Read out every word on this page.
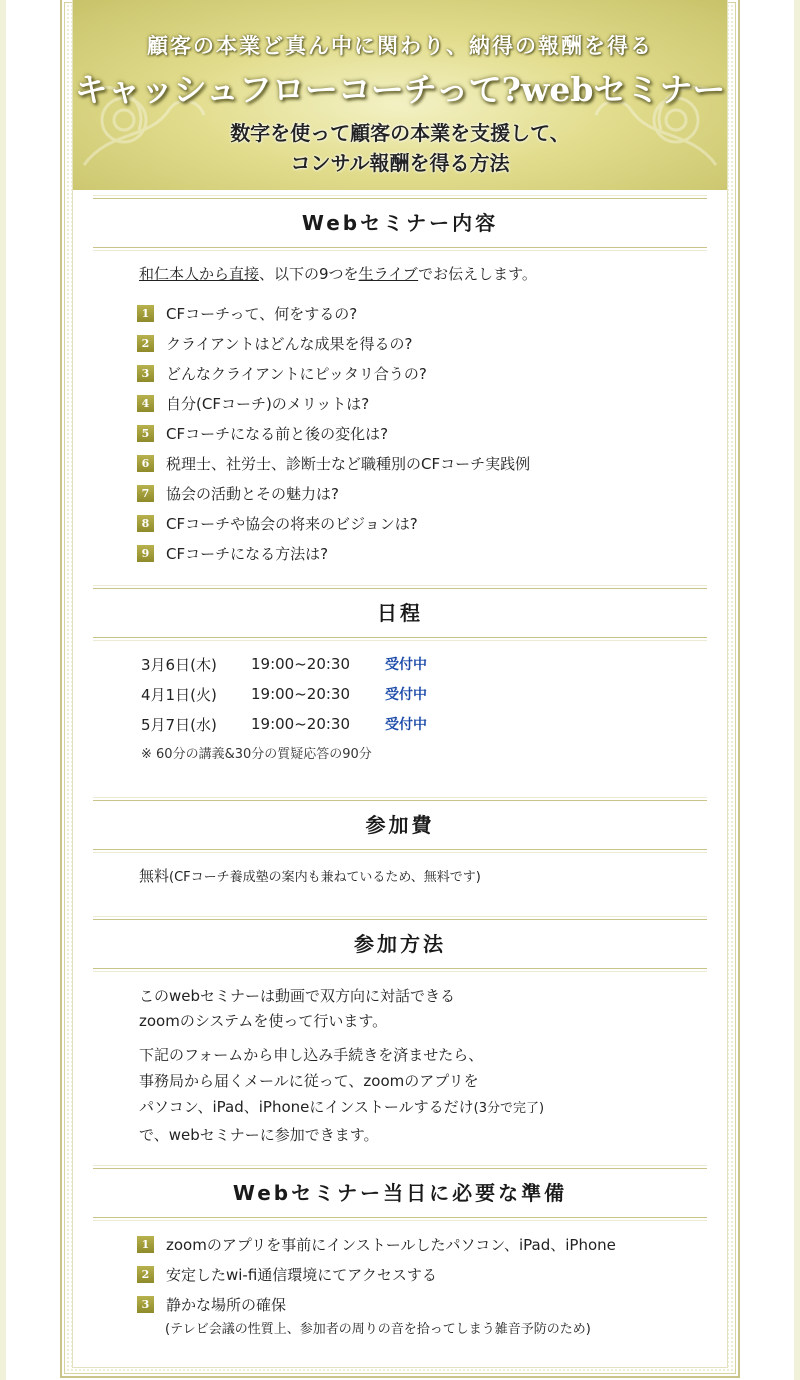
顧客の本業ど真ん中に関わり、納得の報酬を得る
キャッシュフローコーチって?webセミナー
数字を使って顧客の本業を支援して、
コンサル報酬を得る方法
Webセミナー内容
和仁本人から直接、以下の9つを生ライブでお伝えします。
1	CFコーチって、何をするの?
2	クライアントはどんな成果を得るの?
3	どんなクライアントにピッタリ合うの?
4	自分(CFコーチ)のメリットは?
5	CFコーチになる前と後の変化は?
6	税理士、社労士、診断士など職種別のCFコーチ実践例
7	協会の活動とその魅力は?
8	CFコーチや協会の将来のビジョンは?
9	CFコーチになる方法は?
日程
3月6日(木)	19:00~20:30	受付中
4月1日(火)	19:00~20:30	受付中
5月7日(水)	19:00~20:30	受付中
※ 60分の講義&30分の質疑応答の90分
参加費
無料(CFコーチ養成塾の案内も兼ねているため、無料です)
参加方法
このwebセミナーは動画で双方向に対話できる
zoomのシステムを使って行います。
下記のフォームから申し込み手続きを済ませたら、
事務局から届くメールに従って、zoomのアプリを
パソコン、iPad、iPhoneにインストールするだけ(3分で完了)
で、webセミナーに参加できます。
Webセミナー当日に必要な準備
1	zoomのアプリを事前にインストールしたパソコン、iPad、iPhone
2	安定したwi-fi通信環境にてアクセスする
3	静かな場所の確保
(テレビ会議の性質上、参加者の周りの音を拾ってしまう雑音予防のため)
